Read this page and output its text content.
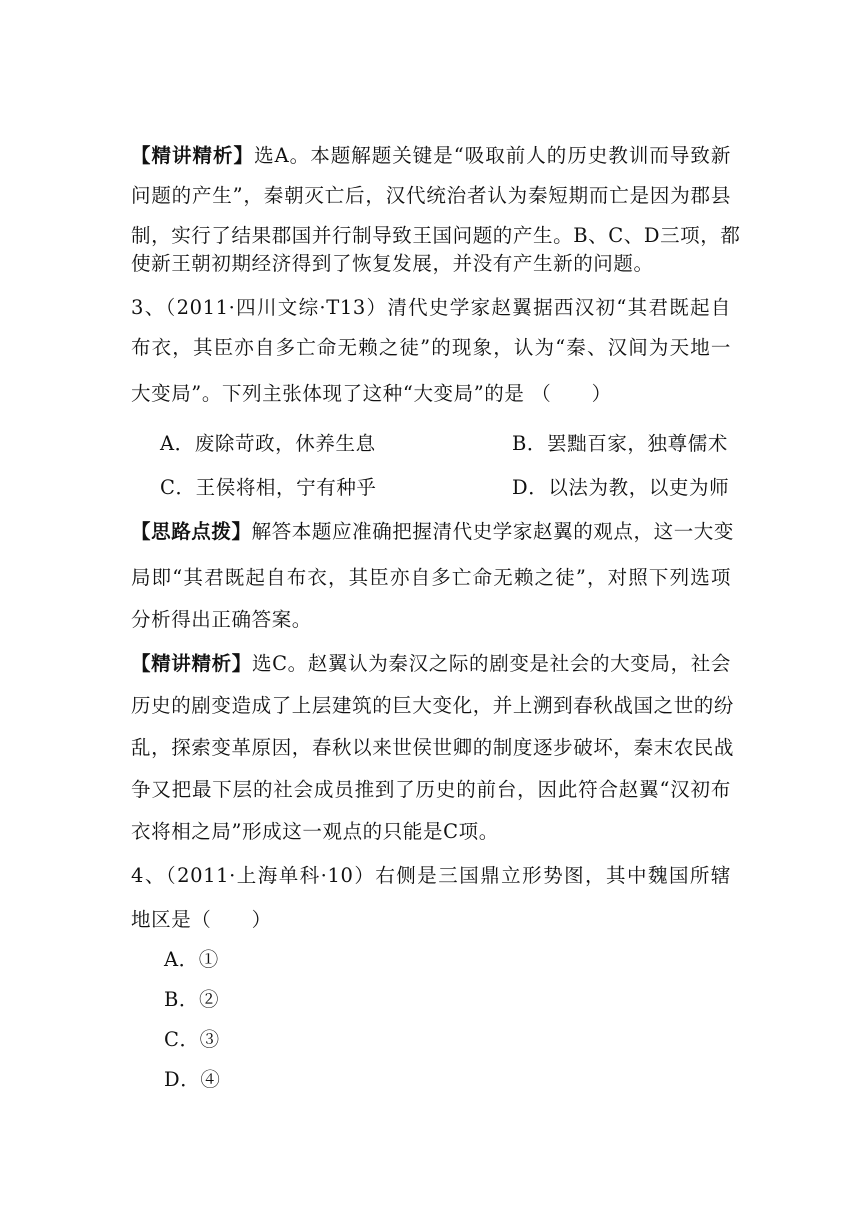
【精讲精析】选A。本题解题关键是“吸取前人的历史教训而导致新
问题的产生”，秦朝灭亡后，汉代统治者认为秦短期而亡是因为郡县
制，实行了结果郡国并行制导致王国问题的产生。B、C、D三项，都
使新王朝初期经济得到了恢复发展，并没有产生新的问题。
3、（2011·四川文综·T13）清代史学家赵翼据西汉初“其君既起自
布衣，其臣亦自多亡命无赖之徒”的现象，认为“秦、汉间为天地一
大变局”。下列主张体现了这种“大变局”的是 （　　）
A．废除苛政，休养生息	B．罢黜百家，独尊儒术
C．王侯将相，宁有种乎	D．以法为教，以吏为师
【思路点拨】解答本题应准确把握清代史学家赵翼的观点，这一大变
局即“其君既起自布衣，其臣亦自多亡命无赖之徒”，对照下列选项
分析得出正确答案。
【精讲精析】选C。赵翼认为秦汉之际的剧变是社会的大变局，社会
历史的剧变造成了上层建筑的巨大变化，并上溯到春秋战国之世的纷
乱，探索变革原因，春秋以来世侯世卿的制度逐步破坏，秦末农民战
争又把最下层的社会成员推到了历史的前台，因此符合赵翼“汉初布
衣将相之局”形成这一观点的只能是C项。
4、（2011·上海单科·10）右侧是三国鼎立形势图，其中魏国所辖
地区是（　　）
A．①
B．②
C．③
D．④
